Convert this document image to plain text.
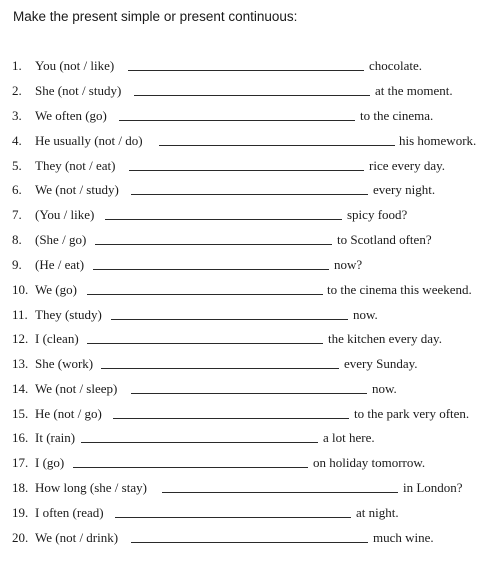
Make the present simple or present continuous:
1. You (not / like)	chocolate.
2. She (not / study)	at the moment.
3. We often (go)	to the cinema.
4. He usually (not / do)	his homework.
5. They (not / eat)	rice every day.
6. We (not / study)	every night.
7. (You / like)	spicy food?
8. (She / go)	to Scotland often?
9. (He / eat)	now?
10. We (go)	to the cinema this weekend.
11. They (study)	now.
12. I (clean)	the kitchen every day.
13. She (work)	every Sunday.
14. We (not / sleep)	now.
15. He (not / go)	to the park very often.
16. It (rain)	a lot here.
17. I (go)	on holiday tomorrow.
18. How long (she / stay)	in London?
19. I often (read)	at night.
20. We (not / drink)	much wine.
